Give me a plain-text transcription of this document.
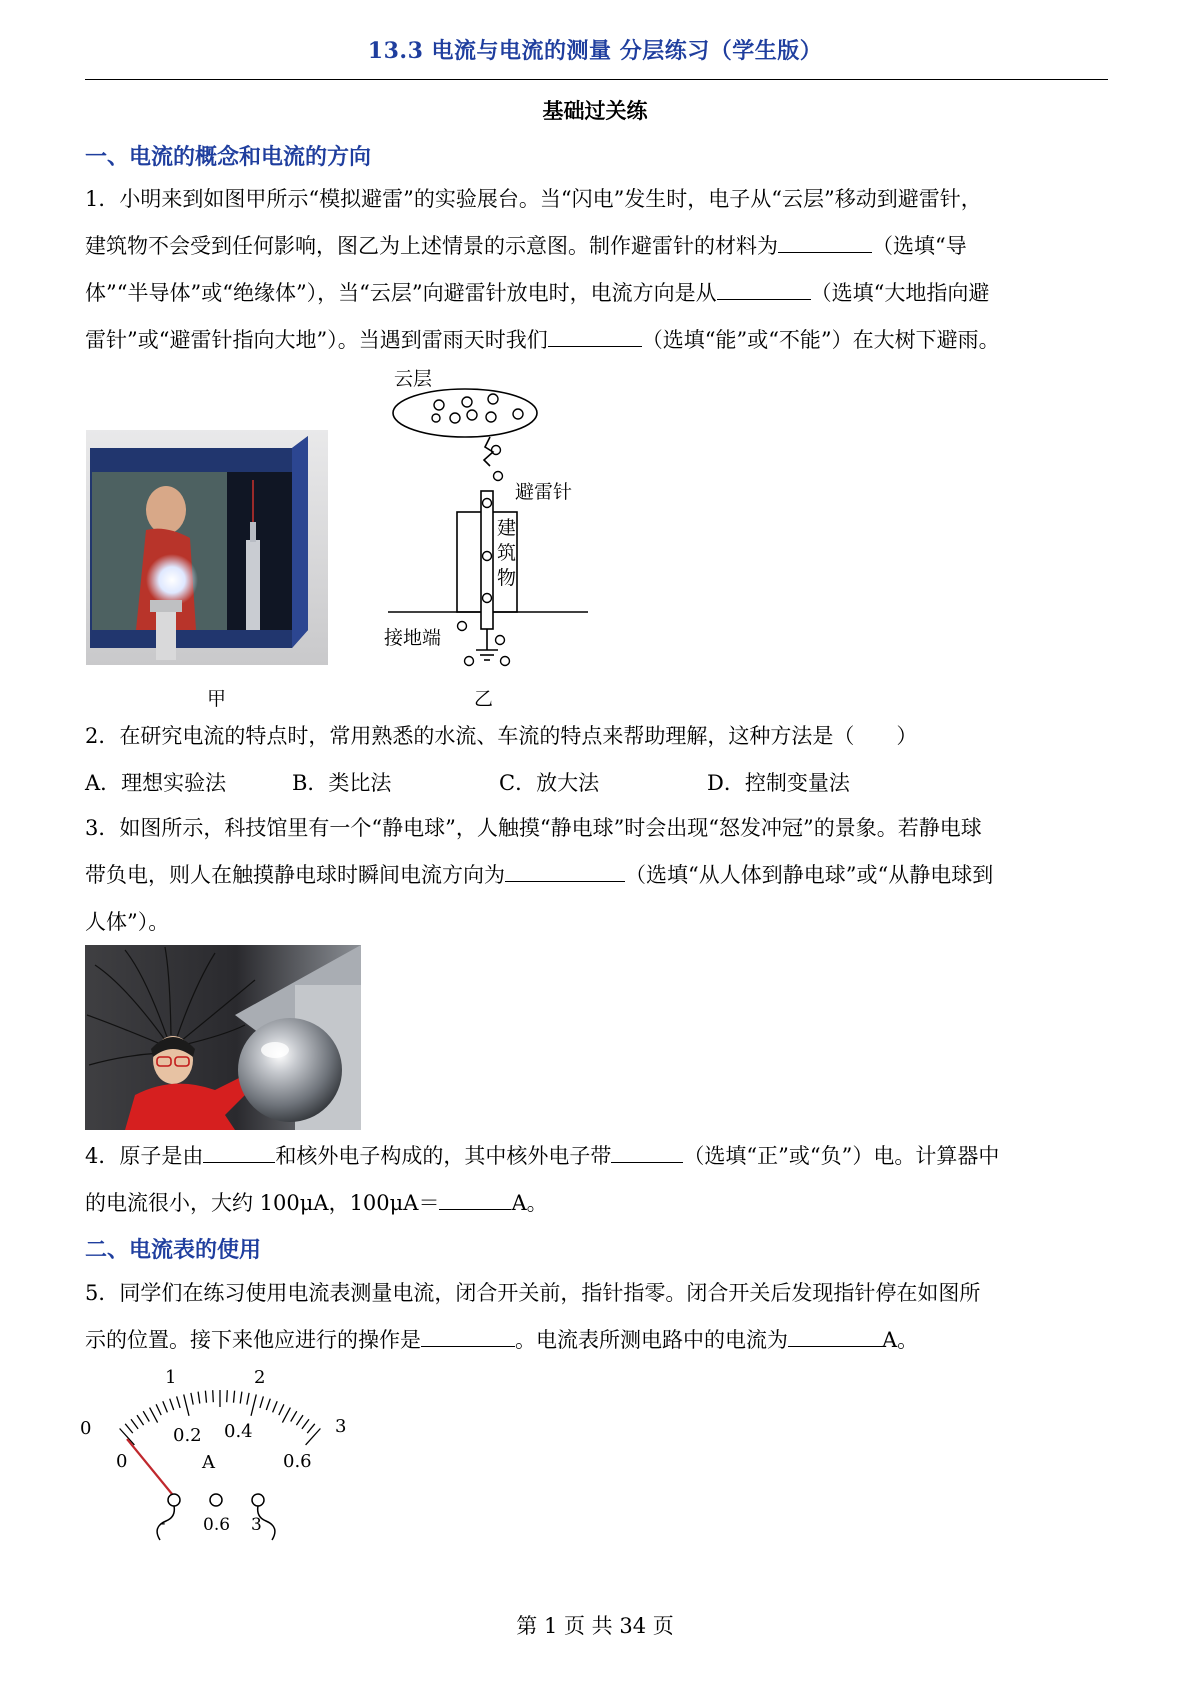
13.3 电流与电流的测量 分层练习（学生版）
基础过关练
一、电流的概念和电流的方向
1．小明来到如图甲所示“模拟避雷”的实验展台。当“闪电”发生时，电子从“云层”移动到避雷针，
建筑物不会受到任何影响，图乙为上述情景的示意图。制作避雷针的材料为	（选填“导
体”“半导体”或“绝缘体”），当“云层”向避雷针放电时，电流方向是从	（选填“大地指向避
雷针”或“避雷针指向大地”）。当遇到雷雨天时我们	（选填“能”或“不能”）在大树下避雨。
甲
云层
避雷针
建
筑
物
接地端
乙
2．在研究电流的特点时，常用熟悉的水流、车流的特点来帮助理解，这种方法是（　　）
A．理想实验法	B．类比法	C．放大法	D．控制变量法
3．如图所示，科技馆里有一个“静电球”，人触摸“静电球”时会出现“怒发冲冠”的景象。若静电球
带负电，则人在触摸静电球时瞬间电流方向为	（选填“从人体到静电球”或“从静电球到
人体”）。
4．原子是由	和核外电子构成的，其中核外电子带	（选填“正”或“负”）电。计算器中
的电流很小，大约 100μA，100μA＝	A。
二、电流表的使用
5．同学们在练习使用电流表测量电流，闭合开关前，指针指零。闭合开关后发现指针停在如图所
示的位置。接下来他应进行的操作是	。电流表所测电路中的电流为	A。
0
1	2
3
0
0.2 0.4
0.6
A
- 0.6 3
第 1 页 共 34 页
